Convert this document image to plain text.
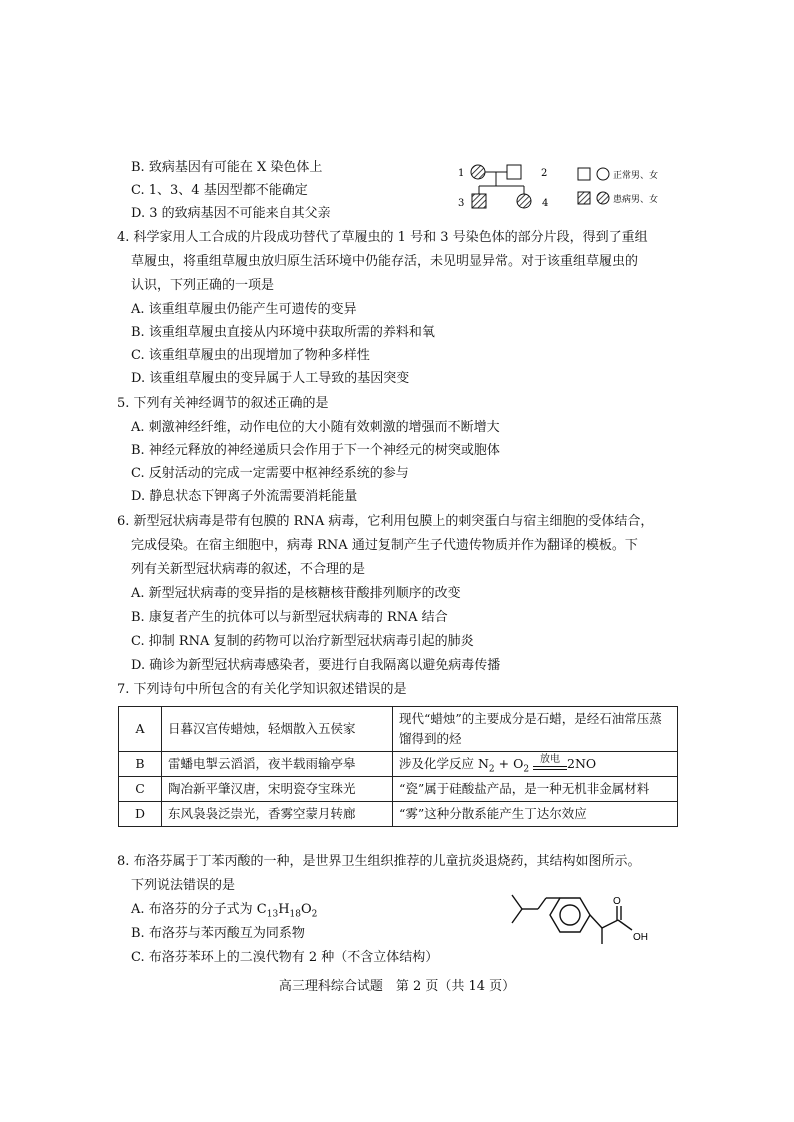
B. 致病基因有可能在 X 染色体上
C. 1、3、4 基因型都不能确定
D. 3 的致病基因不可能来自其父亲
1	2
3	4
正常男、女
患病男、女
4. 科学家用人工合成的片段成功替代了草履虫的 1 号和 3 号染色体的部分片段，得到了重组
草履虫，将重组草履虫放归原生活环境中仍能存活，未见明显异常。对于该重组草履虫的
认识，下列正确的一项是
A. 该重组草履虫仍能产生可遗传的变异
B. 该重组草履虫直接从内环境中获取所需的养料和氧
C. 该重组草履虫的出现增加了物种多样性
D. 该重组草履虫的变异属于人工导致的基因突变
5. 下列有关神经调节的叙述正确的是
A. 刺激神经纤维，动作电位的大小随有效刺激的增强而不断增大
B. 神经元释放的神经递质只会作用于下一个神经元的树突或胞体
C. 反射活动的完成一定需要中枢神经系统的参与
D. 静息状态下钾离子外流需要消耗能量
6. 新型冠状病毒是带有包膜的 RNA 病毒，它利用包膜上的刺突蛋白与宿主细胞的受体结合，
完成侵染。在宿主细胞中，病毒 RNA 通过复制产生子代遗传物质并作为翻译的模板。下
列有关新型冠状病毒的叙述，不合理的是
A. 新型冠状病毒的变异指的是核糖核苷酸排列顺序的改变
B. 康复者产生的抗体可以与新型冠状病毒的 RNA 结合
C. 抑制 RNA 复制的药物可以治疗新型冠状病毒引起的肺炎
D. 确诊为新型冠状病毒感染者，要进行自我隔离以避免病毒传播
7. 下列诗句中所包含的有关化学知识叙述错误的是
A	日暮汉宫传蜡烛，轻烟散入五侯家	现代“蜡烛”的主要成分是石蜡，是经石油常压蒸馏得到的烃
B	雷蟠电掣云滔滔，夜半载雨输亭皋	涉及化学反应 $N_2 + O_2$
放电 2NO
C	陶冶新平肇汉唐，宋明瓷夺宝珠光	“瓷”属于硅酸盐产品，是一种无机非金属材料
D	东风袅袅泛崇光，香雾空蒙月转廊	“雾”这种分散系能产生丁达尔效应
8. 布洛芬属于丁苯丙酸的一种，是世界卫生组织推荐的儿童抗炎退烧药，其结构如图所示。
下列说法错误的是
A. 布洛芬的分子式为 $C_{13}H_{18}O_2$
B. 布洛芬与苯丙酸互为同系物
C. 布洛芬苯环上的二溴代物有 2 种（不含立体结构）
O
OH
高三理科综合试题　第 2 页（共 14 页）
